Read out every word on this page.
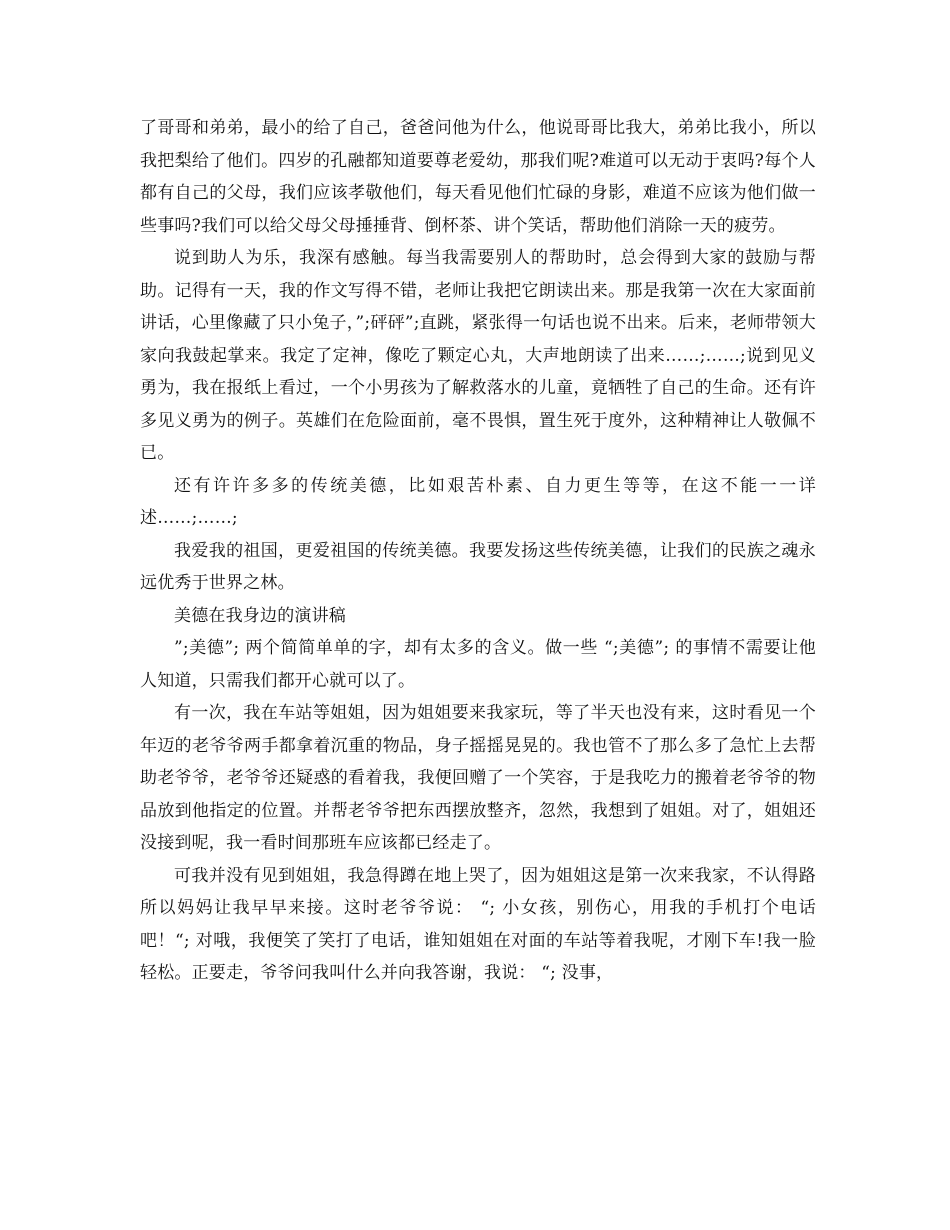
了哥哥和弟弟，最小的给了自己，爸爸问他为什么，他说哥哥比我大，弟弟比我小，所以我把梨给了他们。四岁的孔融都知道要尊老爱幼，那我们呢?难道可以无动于衷吗?每个人都有自己的父母，我们应该孝敬他们，每天看见他们忙碌的身影，难道不应该为他们做一些事吗?我们可以给父母父母捶捶背、倒杯茶、讲个笑话，帮助他们消除一天的疲劳。

说到助人为乐，我深有感触。每当我需要别人的帮助时，总会得到大家的鼓励与帮助。记得有一天，我的作文写得不错，老师让我把它朗读出来。那是我第一次在大家面前讲话，心里像藏了只小兔子，”;砰砰”;直跳，紧张得一句话也说不出来。后来，老师带领大家向我鼓起掌来。我定了定神，像吃了颗定心丸，大声地朗读了出来……;……;说到见义勇为，我在报纸上看过，一个小男孩为了解救落水的儿童，竟牺牲了自己的生命。还有许多见义勇为的例子。英雄们在危险面前，毫不畏惧，置生死于度外，这种精神让人敬佩不已。

还有许许多多的传统美德，比如艰苦朴素、自力更生等等，在这不能一一详述……;……;

我爱我的祖国，更爱祖国的传统美德。我要发扬这些传统美德，让我们的民族之魂永远优秀于世界之林。

美德在我身边的演讲稿

”;美德”; 两个简简单单的字，却有太多的含义。做一些 “;美德”; 的事情不需要让他人知道，只需我们都开心就可以了。

有一次，我在车站等姐姐，因为姐姐要来我家玩，等了半天也没有来，这时看见一个年迈的老爷爷两手都拿着沉重的物品，身子摇摇晃晃的。我也管不了那么多了急忙上去帮助老爷爷，老爷爷还疑惑的看着我，我便回赠了一个笑容，于是我吃力的搬着老爷爷的物品放到他指定的位置。并帮老爷爷把东西摆放整齐，忽然，我想到了姐姐。对了，姐姐还没接到呢，我一看时间那班车应该都已经走了。

可我并没有见到姐姐，我急得蹲在地上哭了，因为姐姐这是第一次来我家，不认得路所以妈妈让我早早来接。这时老爷爷说： “; 小女孩，别伤心，用我的手机打个电话吧！“; 对哦，我便笑了笑打了电话，谁知姐姐在对面的车站等着我呢，才刚下车!我一脸轻松。正要走，爷爷问我叫什么并向我答谢，我说： “; 没事，
